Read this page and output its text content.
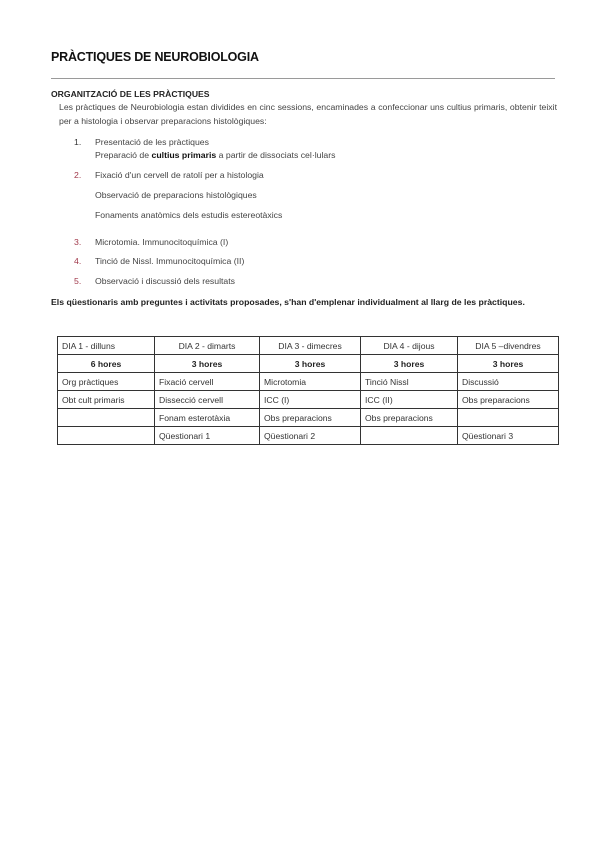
PRÀCTIQUES DE NEUROBIOLOGIA
ORGANITZACIÓ DE LES PRÀCTIQUES
Les pràctiques de Neurobiologia estan dividides en cinc sessions, encaminades a confeccionar uns cultius primaris, obtenir teixit per a histologia i observar preparacions histològiques:
1. Presentació de les pràctiques
Preparació de cultius primaris a partir de dissociats cel·lulars
2. Fixació d'un cervell de ratolí per a histologia
Observació de preparacions histològiques
Fonaments anatòmics dels estudis estereotàxics
3. Microtomia. Immunocitoquímica (I)
4. Tinció de Nissl. Immunocitoquímica (II)
5. Observació i discussió dels resultats
Els qüestionaris amb preguntes i activitats proposades, s'han d'emplenar individualment al llarg de les pràctiques.
DIA 1 - dilluns	DIA 2 - dimarts	DIA 3 - dimecres	DIA 4 - dijous	DIA 5 –divendres
6 hores	3 hores	3 hores	3 hores	3 hores
Org pràctiques	Fixació cervell	Microtomia	Tinció Nissl	Discussió
Obt cult primaris	Dissecció cervell	ICC (I)	ICC (II)	Obs preparacions
	Fonam esterotàxia	Obs preparacions	Obs preparacions	
	Qüestionari 1	Qüestionari 2		Qüestionari 3
